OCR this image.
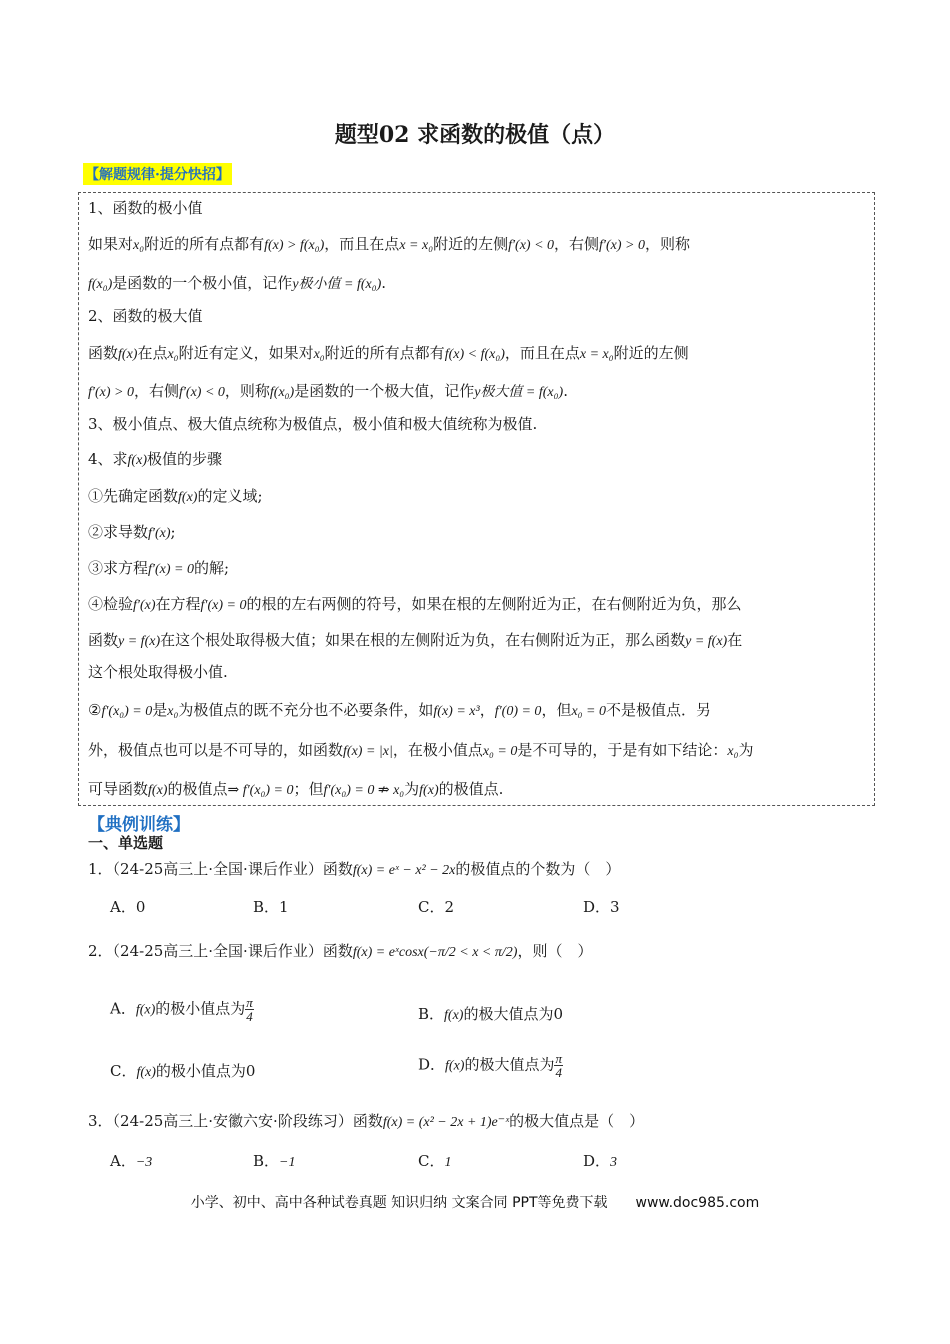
题型02 求函数的极值（点）
【解题规律·提分快招】
1、函数的极小值
如果对x₀附近的所有点都有f(x) > f(x₀)，而且在点x = x₀附近的左侧f′(x) < 0，右侧f′(x) > 0，则称
f(x₀)是函数的一个极小值，记作y极小值 = f(x₀).
2、函数的极大值
函数f(x)在点x₀附近有定义，如果对x₀附近的所有点都有f(x) < f(x₀)，而且在点x = x₀附近的左侧
f′(x) > 0，右侧f′(x) < 0，则称f(x₀)是函数的一个极大值，记作y极大值 = f(x₀).
3、极小值点、极大值点统称为极值点，极小值和极大值统称为极值.
4、求f(x)极值的步骤
①先确定函数f(x)的定义域;
②求导数f′(x);
③求方程f′(x) = 0的解;
④检验f′(x)在方程f′(x) = 0的根的左右两侧的符号，如果在根的左侧附近为正，在右侧附近为负，那么
函数y = f(x)在这个根处取得极大值；如果在根的左侧附近为负，在右侧附近为正，那么函数y = f(x)在
这个根处取得极小值.
②f′(x₀) = 0是x₀为极值点的既不充分也不必要条件，如f(x) = x³，f′(0) = 0，但x₀ = 0不是极值点．另
外，极值点也可以是不可导的，如函数f(x) = |x|，在极小值点x₀ = 0是不可导的，于是有如下结论：x₀为
可导函数f(x)的极值点⇒ f′(x₀) = 0；但f′(x₀) = 0 ⇏ x₀为f(x)的极值点.
【典例训练】
一、单选题
1．（24-25高三上·全国·课后作业）函数f(x) = eˣ − x² − 2x的极值点的个数为（　）
A．0	B．1	C．2	D．3
2．（24-25高三上·全国·课后作业）函数f(x) = eˣcosx(−π/2 < x < π/2)，则（　）
A．f(x)的极小值点为 $\frac{\pi}{4}$	B．f(x)的极大值点为0
C．f(x)的极小值点为0	D．f(x)的极大值点为 $\frac{\pi}{4}$
3．（24-25高三上·安徽六安·阶段练习）函数f(x) = (x² − 2x + 1)e⁻ˣ的极大值点是（　）
A．−3	B．−1	C．1	D．3
小学、初中、高中各种试卷真题 知识归纳 文案合同 PPT等免费下载　　www.doc985.com
